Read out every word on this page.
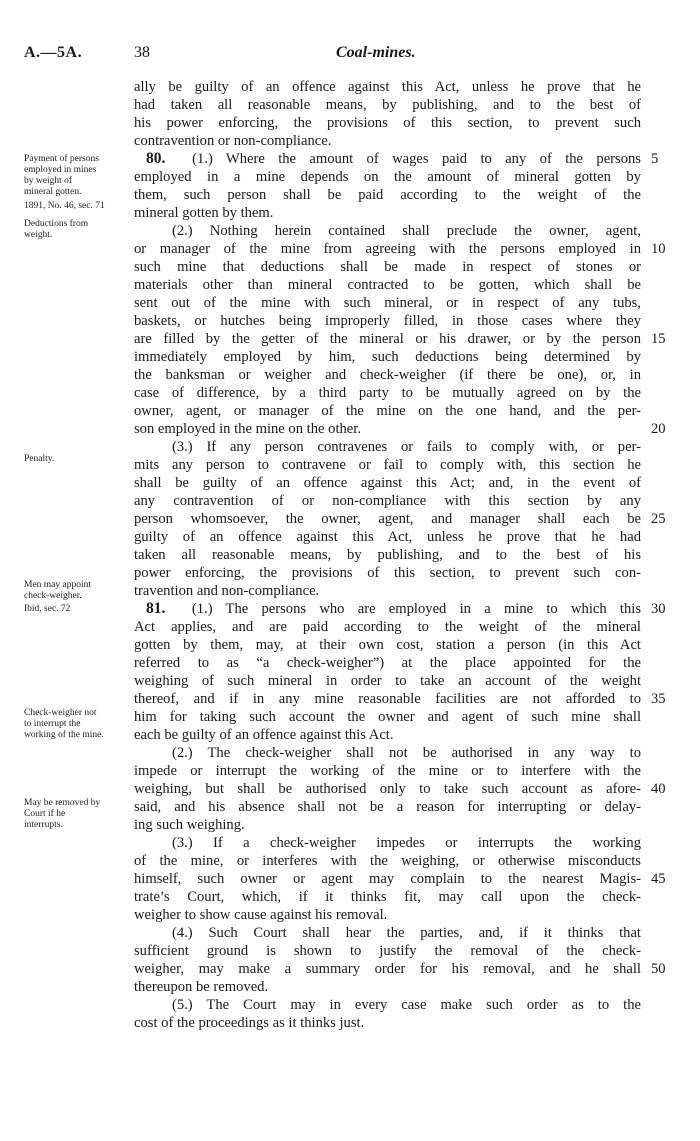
A.—5A.	38	Coal-mines.
Payment of persons
employed in mines
by weight of
mineral gotten.
1891, No. 46, sec. 71
Deductions from
weight.
Penalty.
Men may appoint
check-weigher.
Ibid, sec. 72
Check-weigher not
to interrupt the
working of the mine.
May be removed by
Court if he
interrupts.
5
10
15
20
25
30
35
40
45
50
ally be guilty of an offence against this Act, unless he prove that he
had taken all reasonable means, by publishing, and to the best of
his power enforcing, the provisions of this section, to prevent such
contravention or non-compliance.
80. (1.) Where the amount of wages paid to any of the persons
employed in a mine depends on the amount of mineral gotten by
them, such person shall be paid according to the weight of the
mineral gotten by them.
(2.) Nothing herein contained shall preclude the owner, agent,
or manager of the mine from agreeing with the persons employed in
such mine that deductions shall be made in respect of stones or
materials other than mineral contracted to be gotten, which shall be
sent out of the mine with such mineral, or in respect of any tubs,
baskets, or hutches being improperly filled, in those cases where they
are filled by the getter of the mineral or his drawer, or by the person
immediately employed by him, such deductions being determined by
the banksman or weigher and check-weigher (if there be one), or, in
case of difference, by a third party to be mutually agreed on by the
owner, agent, or manager of the mine on the one hand, and the per-
son employed in the mine on the other.
(3.) If any person contravenes or fails to comply with, or per-
mits any person to contravene or fail to comply with, this section he
shall be guilty of an offence against this Act; and, in the event of
any contravention of or non-compliance with this section by any
person whomsoever, the owner, agent, and manager shall each be
guilty of an offence against this Act, unless he prove that he had
taken all reasonable means, by publishing, and to the best of his
power enforcing, the provisions of this section, to prevent such con-
travention and non-compliance.
81. (1.) The persons who are employed in a mine to which this
Act applies, and are paid according to the weight of the mineral
gotten by them, may, at their own cost, station a person (in this Act
referred to as “a check-weigher”) at the place appointed for the
weighing of such mineral in order to take an account of the weight
thereof, and if in any mine reasonable facilities are not afforded to
him for taking such account the owner and agent of such mine shall
each be guilty of an offence against this Act.
(2.) The check-weigher shall not be authorised in any way to
impede or interrupt the working of the mine or to interfere with the
weighing, but shall be authorised only to take such account as afore-
said, and his absence shall not be a reason for interrupting or delay-
ing such weighing.
(3.) If a check-weigher impedes or interrupts the working
of the mine, or interferes with the weighing, or otherwise misconducts
himself, such owner or agent may complain to the nearest Magis-
trate’s Court, which, if it thinks fit, may call upon the check-
weigher to show cause against his removal.
(4.) Such Court shall hear the parties, and, if it thinks that
sufficient ground is shown to justify the removal of the check-
weigher, may make a summary order for his removal, and he shall
thereupon be removed.
(5.) The Court may in every case make such order as to the
cost of the proceedings as it thinks just.
